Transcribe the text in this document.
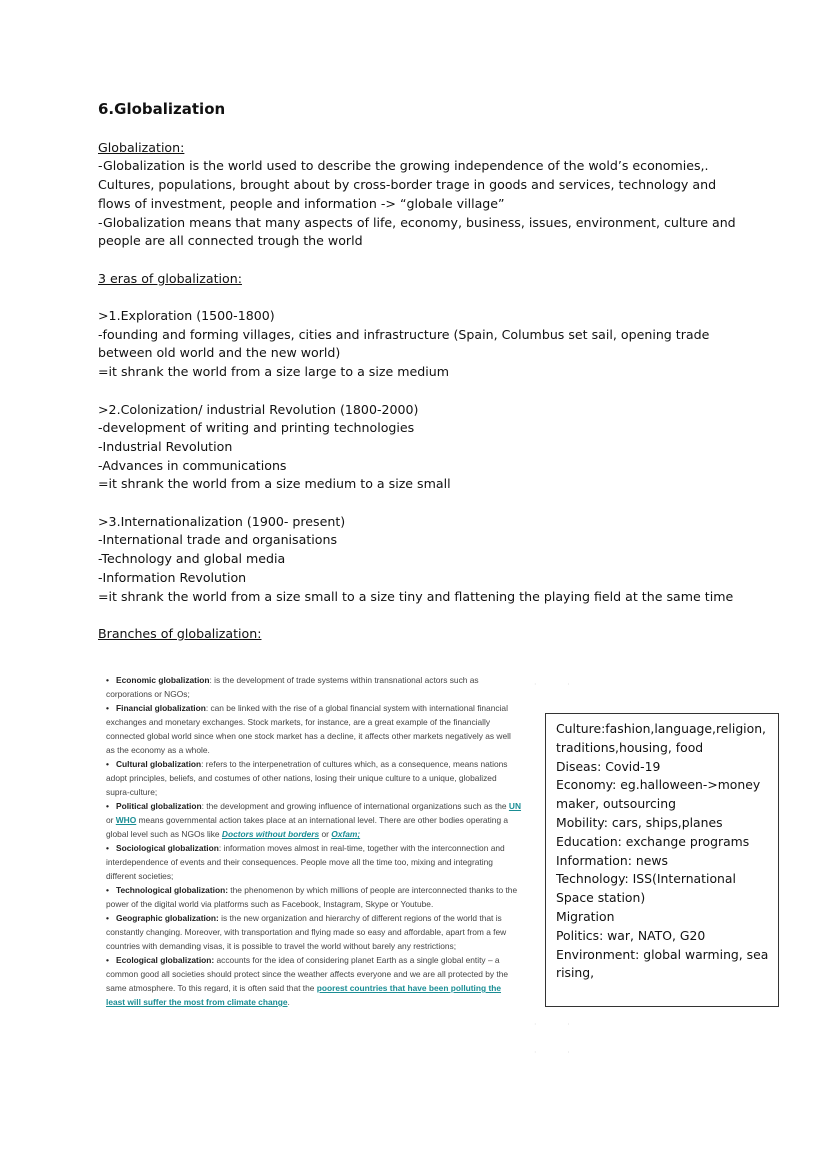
6.Globalization
Globalization:
-Globalization is the world used to describe the growing independence of the wold’s economies,.
Cultures, populations, brought about by cross-border trage in goods and services, technology and
flows of investment, people and information -> “globale village”
-Globalization means that many aspects of life, economy, business, issues, environment, culture and
people are all connected trough the world
3 eras of globalization:
>1.Exploration (1500-1800)
-founding and forming villages, cities and infrastructure (Spain, Columbus set sail, opening trade
between old world and the new world)
=it shrank the world from a size large to a size medium
>2.Colonization/ industrial Revolution (1800-2000)
-development of writing and printing technologies
-Industrial Revolution
-Advances in communications
=it shrank the world from a size medium to a size small
>3.Internationalization (1900- present)
-International trade and organisations
-Technology and global media
-Information Revolution
=it shrank the world from a size small to a size tiny and flattening the playing field at the same time
Branches of globalization:

• Economic globalization: is the development of trade systems within transnational actors such as corporations or NGOs;

• Financial globalization: can be linked with the rise of a global financial system with international financial exchanges and monetary exchanges. Stock markets, for instance, are a great example of the financially connected global world since when one stock market has a decline, it affects other markets negatively as well as the economy as a whole.

• Cultural globalization: refers to the interpenetration of cultures which, as a consequence, means nations adopt principles, beliefs, and costumes of other nations, losing their unique culture to a unique, globalized supra-culture;

• Political globalization: the development and growing influence of international organizations such as the UN or WHO means governmental action takes place at an international level. There are other bodies operating a global level such as NGOs like Doctors without borders or Oxfam;

• Sociological globalization: information moves almost in real-time, together with the interconnection and interdependence of events and their consequences. People move all the time too, mixing and integrating different societies;

• Technological globalization: the phenomenon by which millions of people are interconnected thanks to the power of the digital world via platforms such as Facebook, Instagram, Skype or Youtube.

• Geographic globalization: is the new organization and hierarchy of different regions of the world that is constantly changing. Moreover, with transportation and flying made so easy and affordable, apart from a few countries with demanding visas, it is possible to travel the world without barely any restrictions;

• Ecological globalization: accounts for the idea of considering planet Earth as a single global entity – a common good all societies should protect since the weather affects everyone and we are all protected by the same atmosphere. To this regard, it is often said that the poorest countries that have been polluting the least will suffer the most from climate change.

Culture:fashion,language,religion,
traditions,housing, food
Diseas: Covid-19
Economy: eg.halloween->money
maker, outsourcing
Mobility: cars, ships,planes
Education: exchange programs
Information: news
Technology: ISS(International
Space station)
Migration
Politics: war, NATO, G20
Environment: global warming, sea
rising,
· ·
· ·
· ·
